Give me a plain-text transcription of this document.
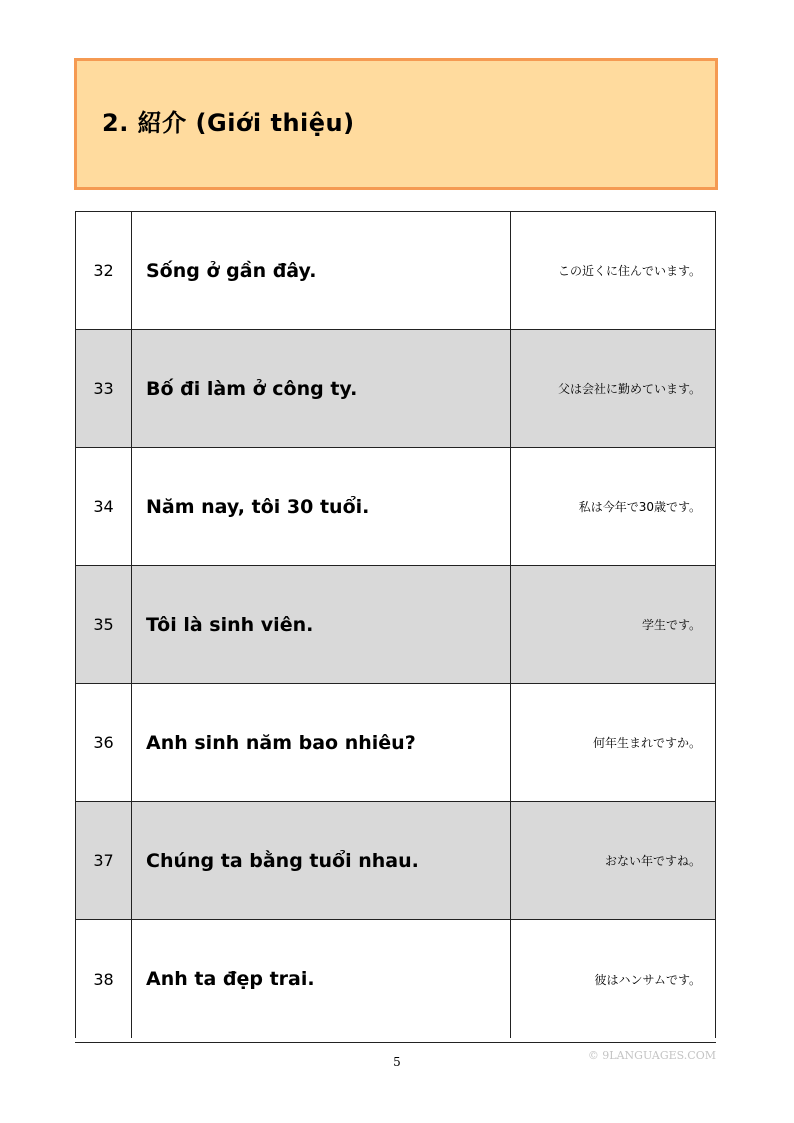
2. 紹介 (Giới thiệu)
32	Sống ở gần đây.	この近くに住んでいます。
33	Bố đi làm ở công ty.	父は会社に勤めています。
34	Năm nay, tôi 30 tuổi.	私は今年で30歳です。
35	Tôi là sinh viên.	学生です。
36	Anh sinh năm bao nhiêu?	何年生まれですか。
37	Chúng ta bằng tuổi nhau.	おない年ですね。
38	Anh ta đẹp trai.	彼はハンサムです。
5	© 9LANGUAGES.COM
